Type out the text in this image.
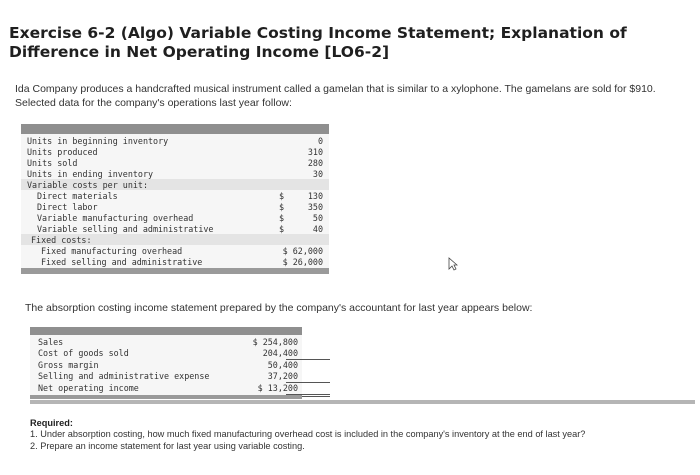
Exercise 6-2 (Algo) Variable Costing Income Statement; Explanation of Difference in Net Operating Income [LO6-2]
Ida Company produces a handcrafted musical instrument called a gamelan that is similar to a xylophone. The gamelans are sold for $910. Selected data for the company's operations last year follow:
Units in beginning inventory	0
Units produced	310
Units sold	280
Units in ending inventory	30
Variable costs per unit:
Direct materials	$	130
Direct labor	$	350
Variable manufacturing overhead	$	50
Variable selling and administrative	$	40
Fixed costs:
Fixed manufacturing overhead	$ 62,000
Fixed selling and administrative	$ 26,000
The absorption costing income statement prepared by the company's accountant for last year appears below:
Sales	$ 254,800
Cost of goods sold	204,400
Gross margin	50,400
Selling and administrative expense	37,200
Net operating income	$ 13,200
Required:
1. Under absorption costing, how much fixed manufacturing overhead cost is included in the company's inventory at the end of last year?
2. Prepare an income statement for last year using variable costing.
